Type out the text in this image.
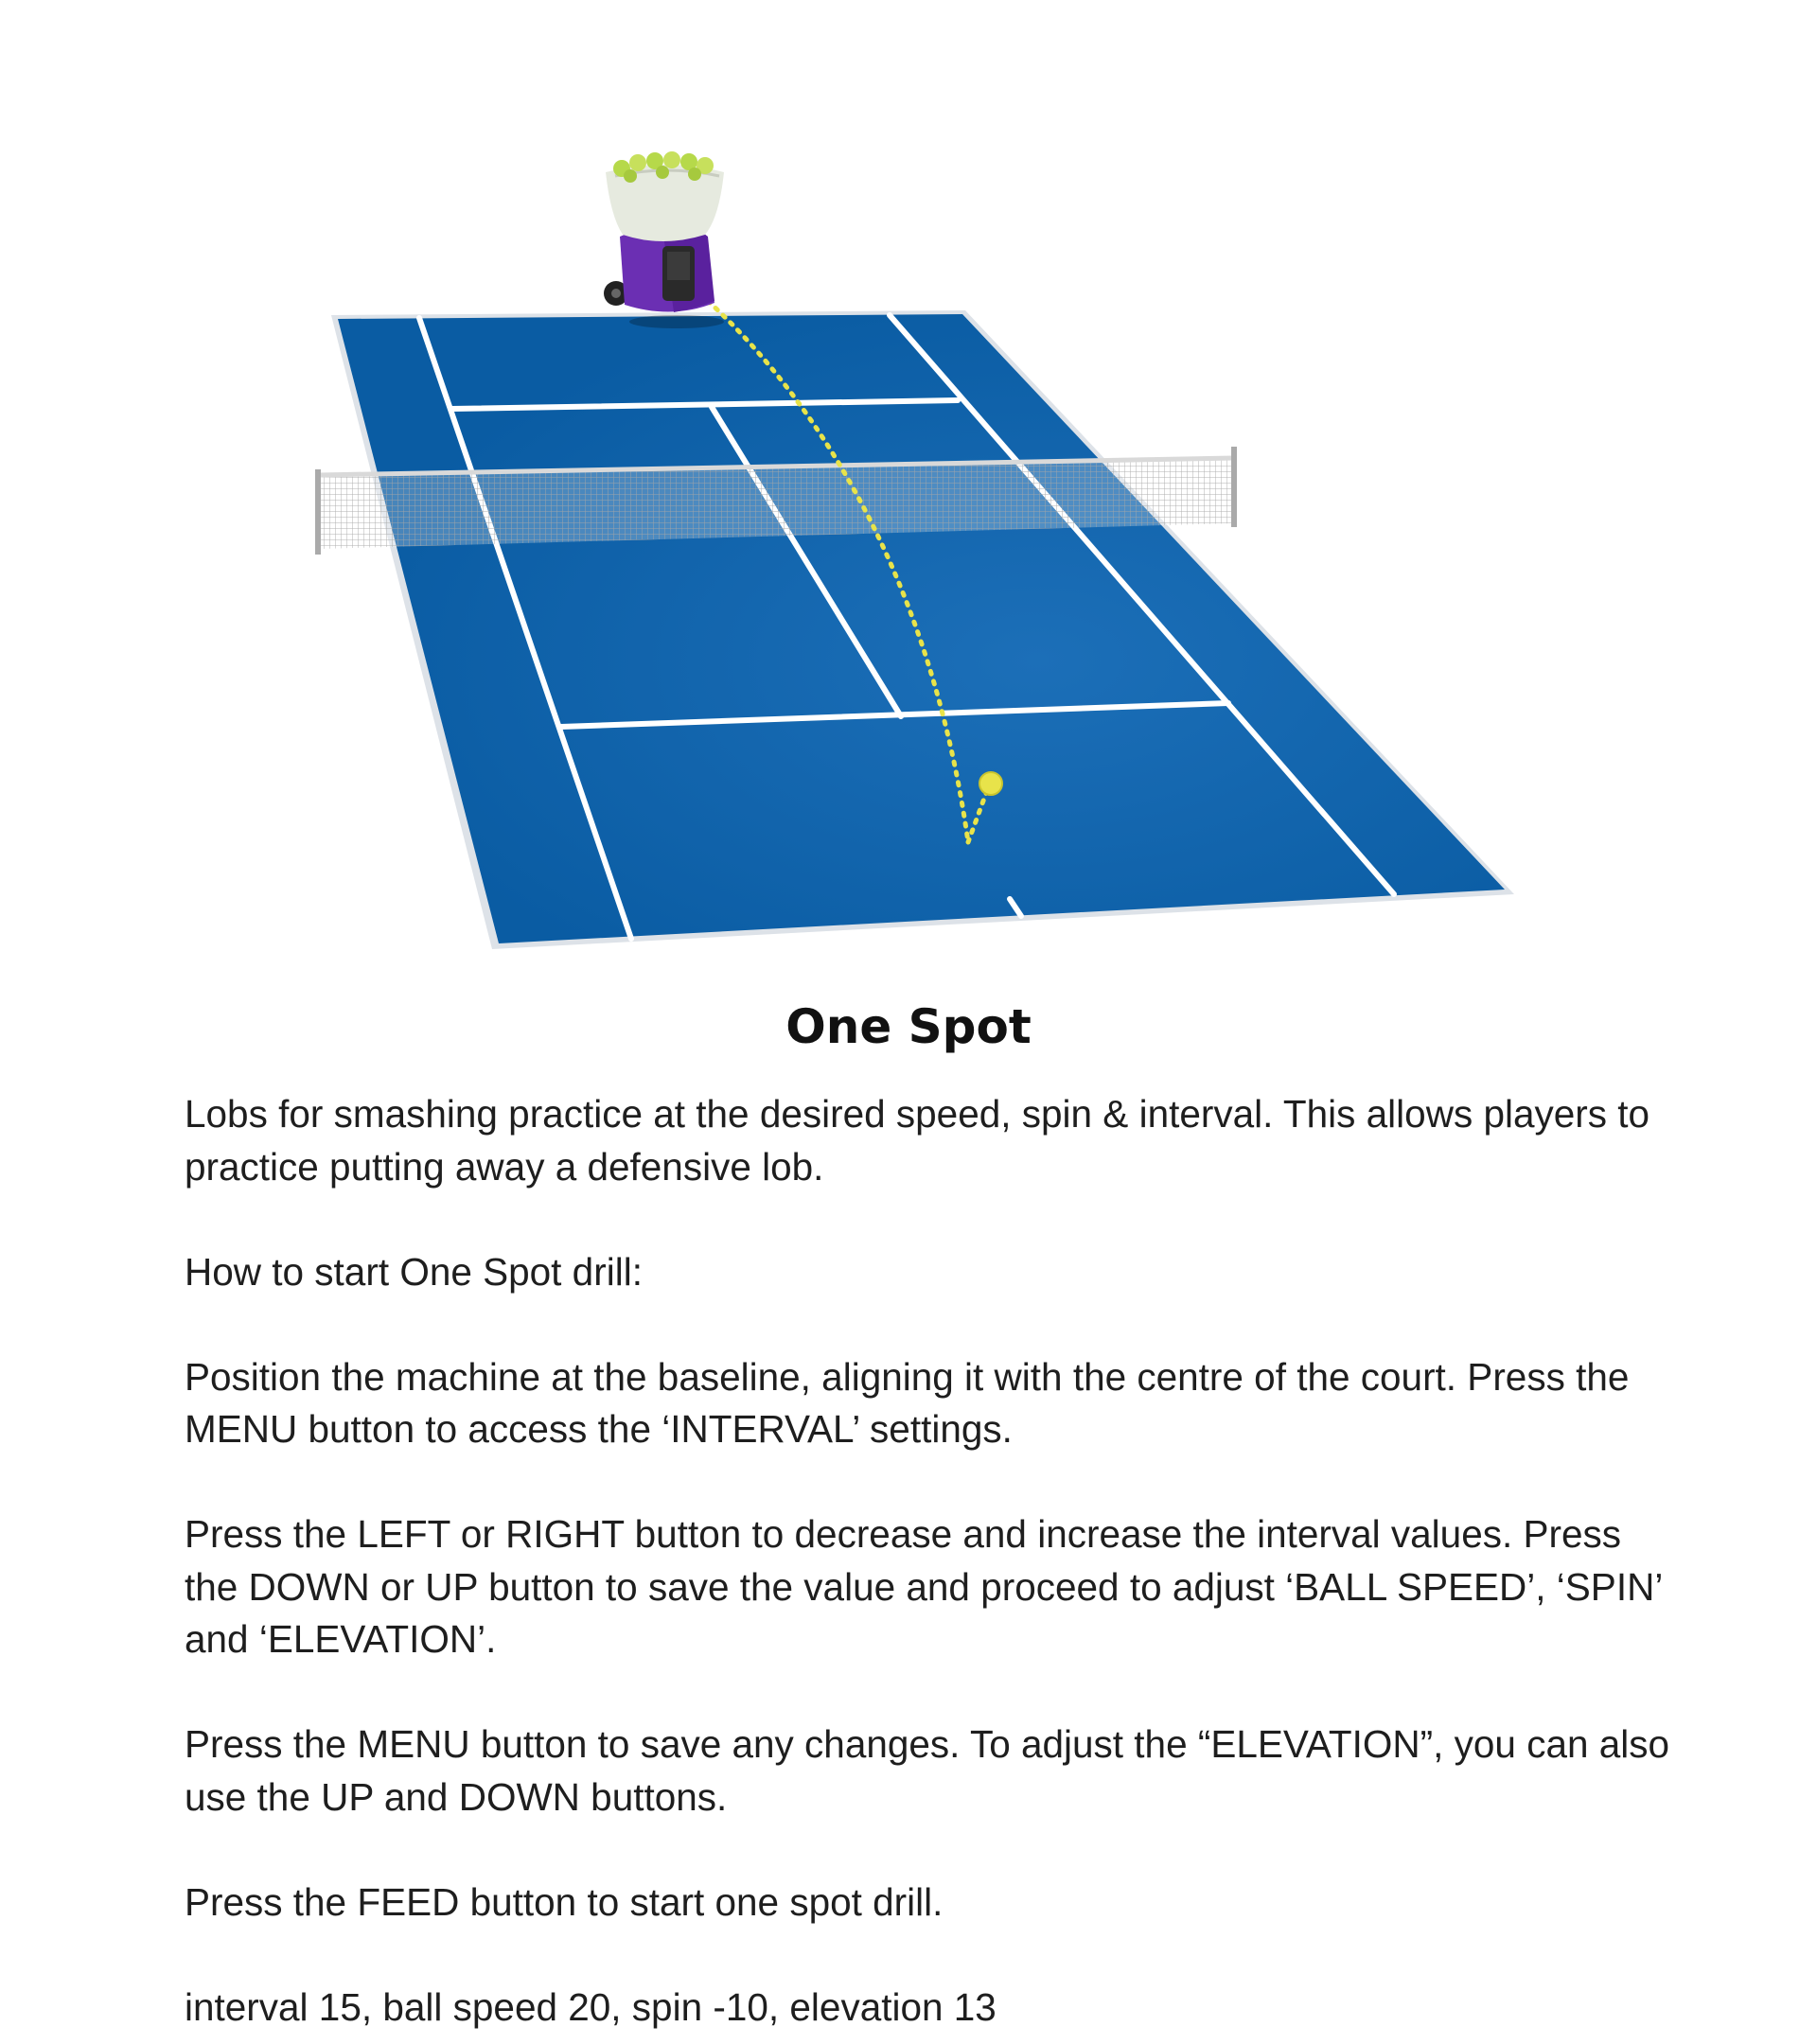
One Spot

Lobs for smashing practice at the desired speed, spin & interval. This allows players to practice putting away a defensive lob.

How to start One Spot drill:

Position the machine at the baseline, aligning it with the centre of the court. Press the MENU button to access the ‘INTERVAL’ settings.

Press the LEFT or RIGHT button to decrease and increase the interval values. Press the DOWN or UP button to save the value and proceed to adjust ‘BALL SPEED’, ‘SPIN’ and ‘ELEVATION’.

Press the MENU button to save any changes. To adjust the “ELEVATION”, you can also use the UP and DOWN buttons.

Press the FEED button to start one spot drill.

interval 15, ball speed 20, spin -10, elevation 13
